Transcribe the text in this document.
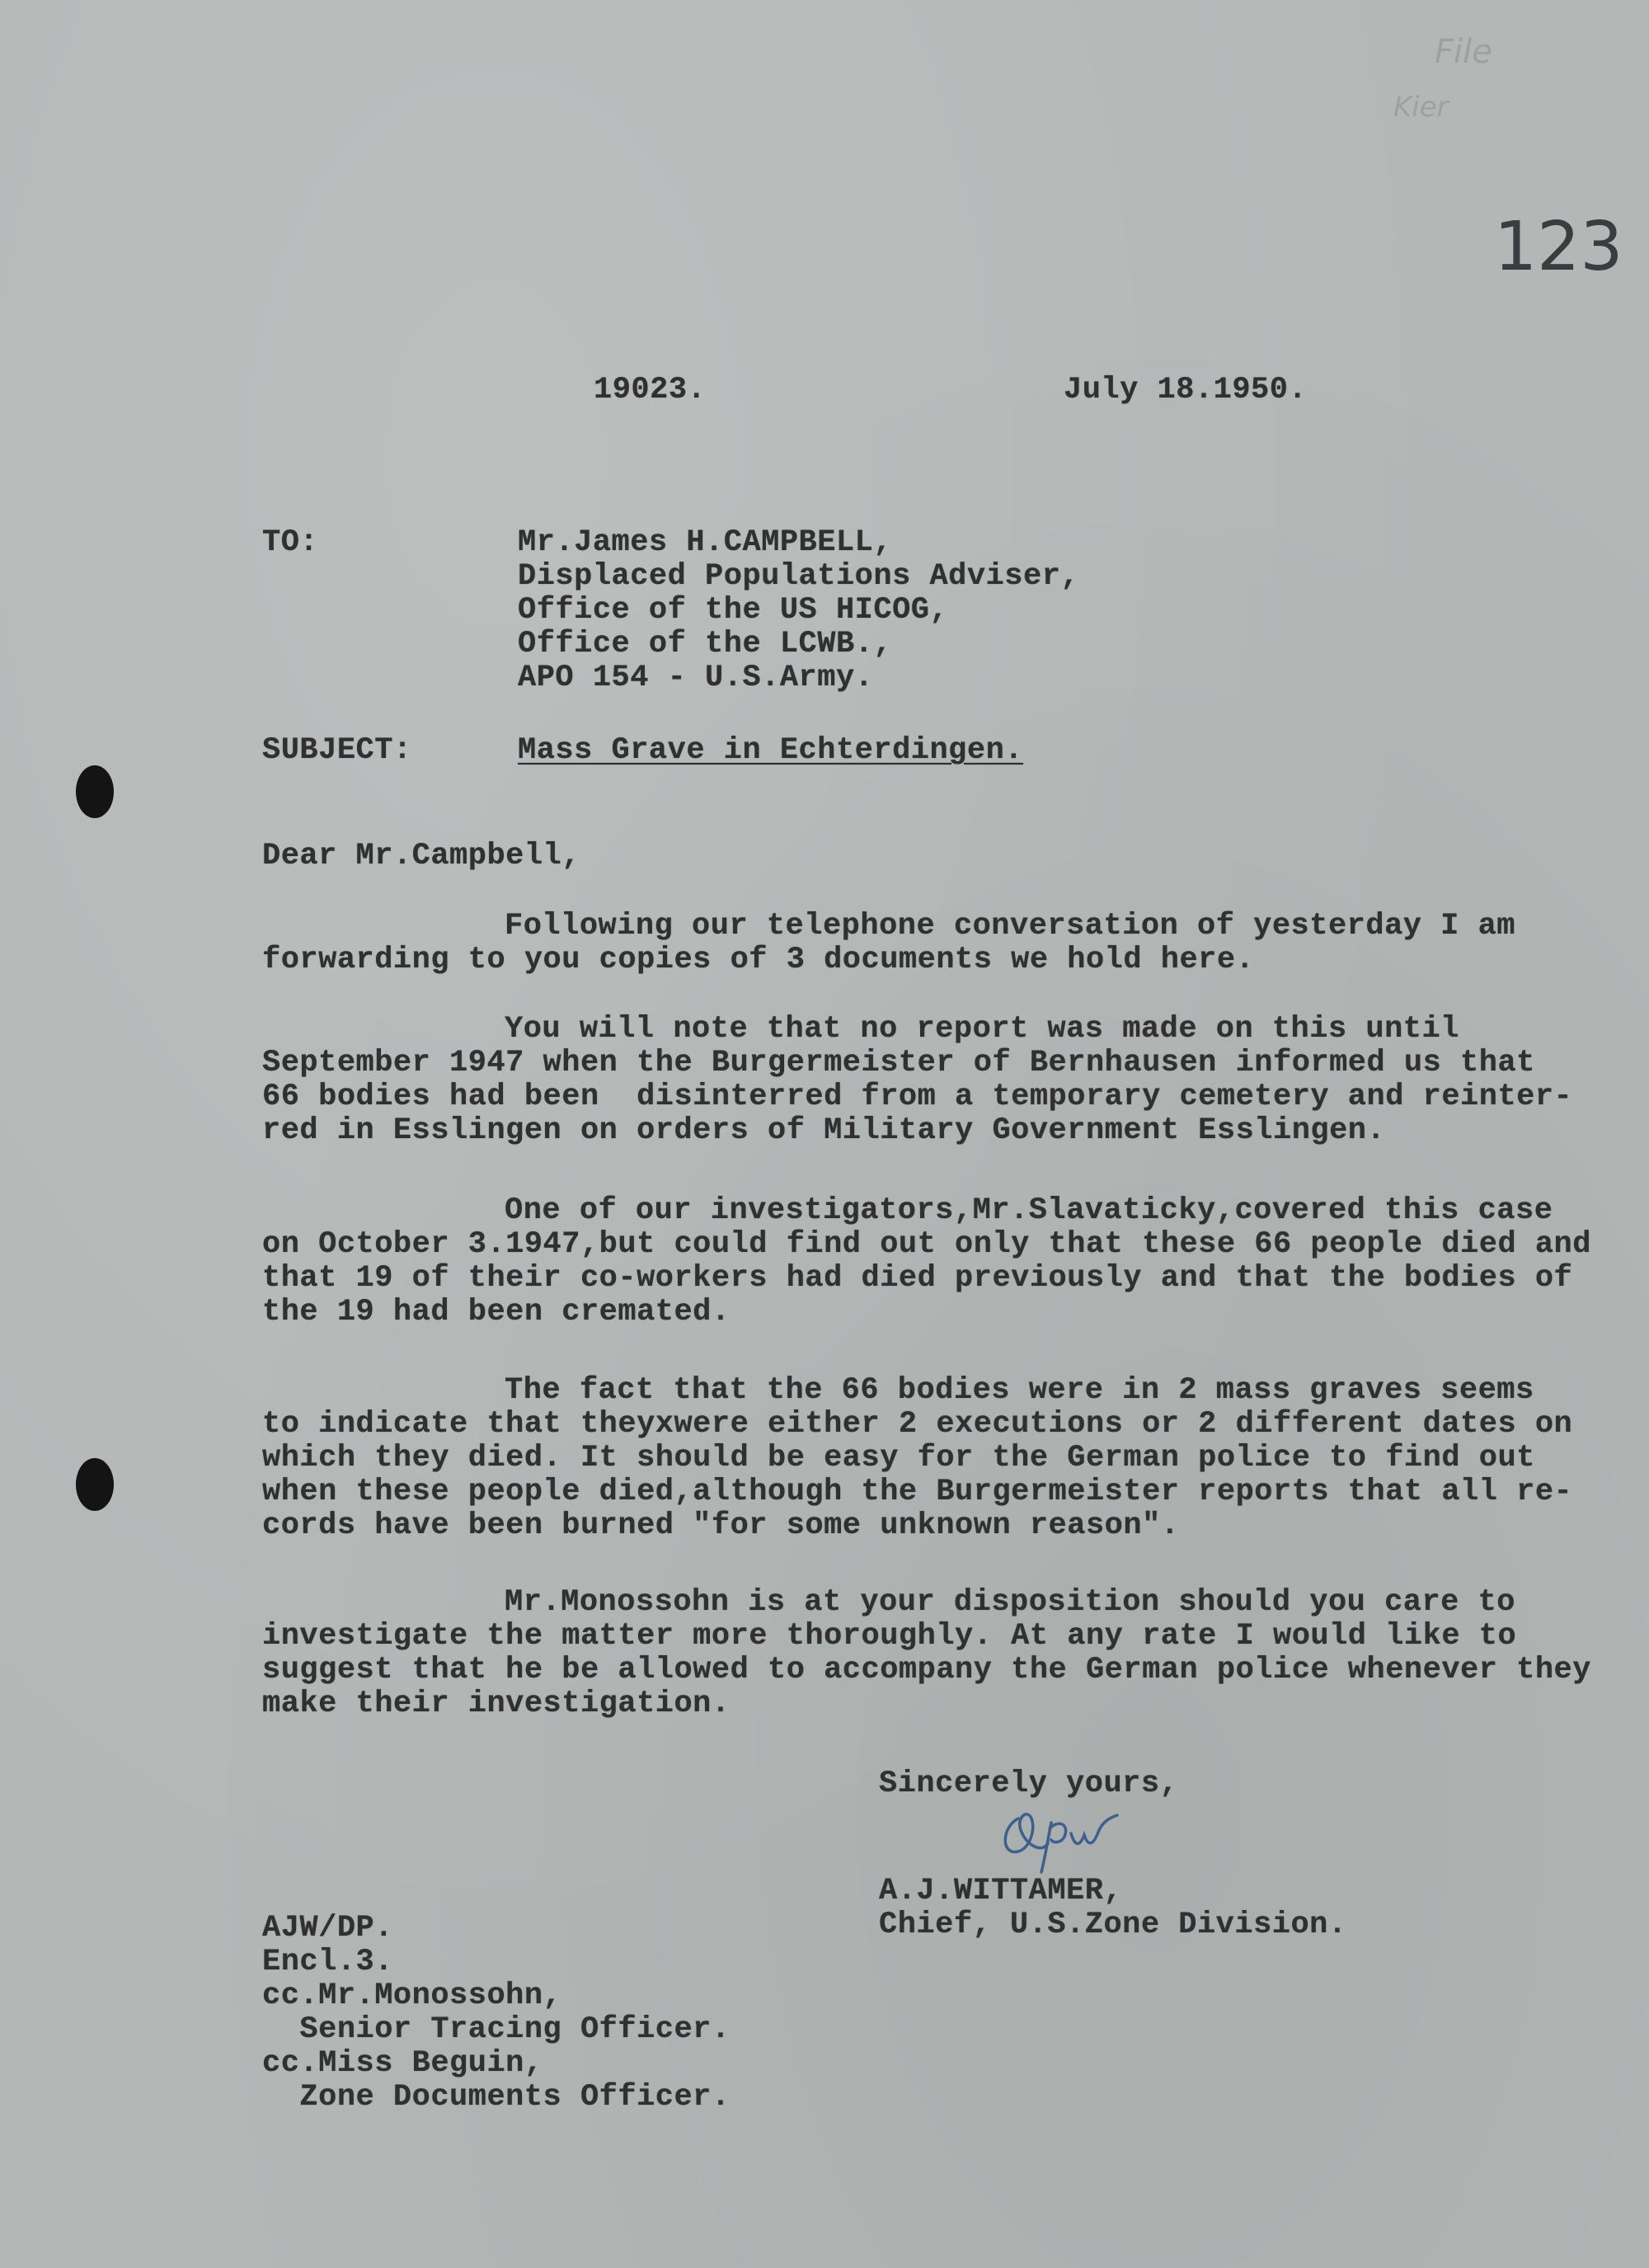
File
Kier
123
19023.	July 18.1950.
TO:	Mr.James H.CAMPBELL,
Displaced Populations Adviser,
Office of the US HICOG,
Office of the LCWB.,
APO 154 - U.S.Army.
SUBJECT:	Mass Grave in Echterdingen.
Dear Mr.Campbell,
Following our telephone conversation of yesterday I am
forwarding to you copies of 3 documents we hold here.
You will note that no report was made on this until
September 1947 when the Burgermeister of Bernhausen informed us that
66 bodies had been  disinterred from a temporary cemetery and reinter-
red in Esslingen on orders of Military Government Esslingen.
One of our investigators,Mr.Slavaticky,covered this case
on October 3.1947,but could find out only that these 66 people died and
that 19 of their co-workers had died previously and that the bodies of
the 19 had been cremated.
The fact that the 66 bodies were in 2 mass graves seems
to indicate that theyxwere either 2 executions or 2 different dates on
which they died. It should be easy for the German police to find out
when these people died,although the Burgermeister reports that all re-
cords have been burned "for some unknown reason".
Mr.Monossohn is at your disposition should you care to
investigate the matter more thoroughly. At any rate I would like to
suggest that he be allowed to accompany the German police whenever they
make their investigation.
Sincerely yours,
A.J.WITTAMER,
Chief, U.S.Zone Division.
AJW/DP.
Encl.3.
cc.Mr.Monossohn,
Senior Tracing Officer.
cc.Miss Beguin,
Zone Documents Officer.
